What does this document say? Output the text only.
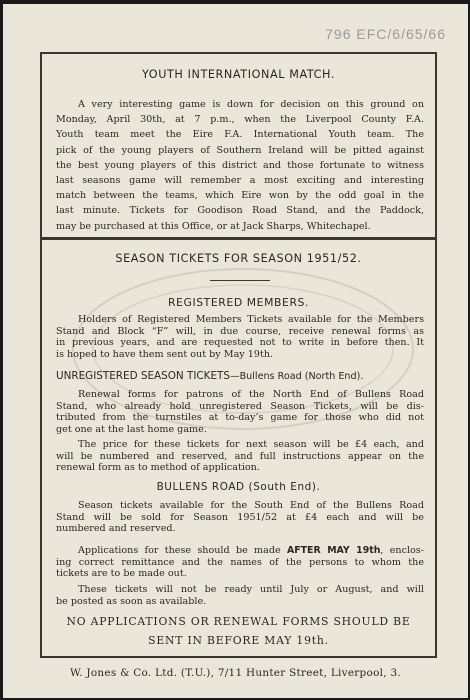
796 EFC/6/65/66
YOUTH INTERNATIONAL MATCH.
A very interesting game is down for decision on this ground on
Monday, April 30th, at 7 p.m., when the Liverpool County F.A.
Youth team meet the Eire F.A. International Youth team. The
pick of the young players of Southern Ireland will be pitted against
the best young players of this district and those fortunate to witness
last seasons game will remember a most exciting and interesting
match between the teams, which Eire won by the odd goal in the
last minute. Tickets for Goodison Road Stand, and the Paddock,
may be purchased at this Office, or at Jack Sharps, Whitechapel.
SEASON TICKETS FOR SEASON 1951/52.
REGISTERED MEMBERS.
Holders of Registered Members Tickets available for the Members
Stand and Block “F” will, in due course, receive renewal forms as
in previous years, and are requested not to write in before then. It
is hoped to have them sent out by May 19th.
UNREGISTERED SEASON TICKETS—Bullens Road (North End).
Renewal forms for patrons of the North End of Bullens Road
Stand, who already hold unregistered Season Tickets, will be dis-
tributed from the turnstiles at to-day’s game for those who did not
get one at the last home game.
The price for these tickets for next season will be £4 each, and
will be numbered and reserved, and full instructions appear on the
renewal form as to method of application.
BULLENS ROAD (South End).
Season tickets available for the South End of the Bullens Road
Stand will be sold for Season 1951/52 at £4 each and will be
numbered and reserved.
Applications for these should be made AFTER MAY 19th, enclos-
ing correct remittance and the names of the persons to whom the
tickets are to be made out.
These tickets will not be ready until July or August, and will
be posted as soon as available.
NO APPLICATIONS OR RENEWAL FORMS SHOULD BE
SENT IN BEFORE MAY 19th.
W. Jones & Co. Ltd. (T.U.), 7/11 Hunter Street, Liverpool, 3.
